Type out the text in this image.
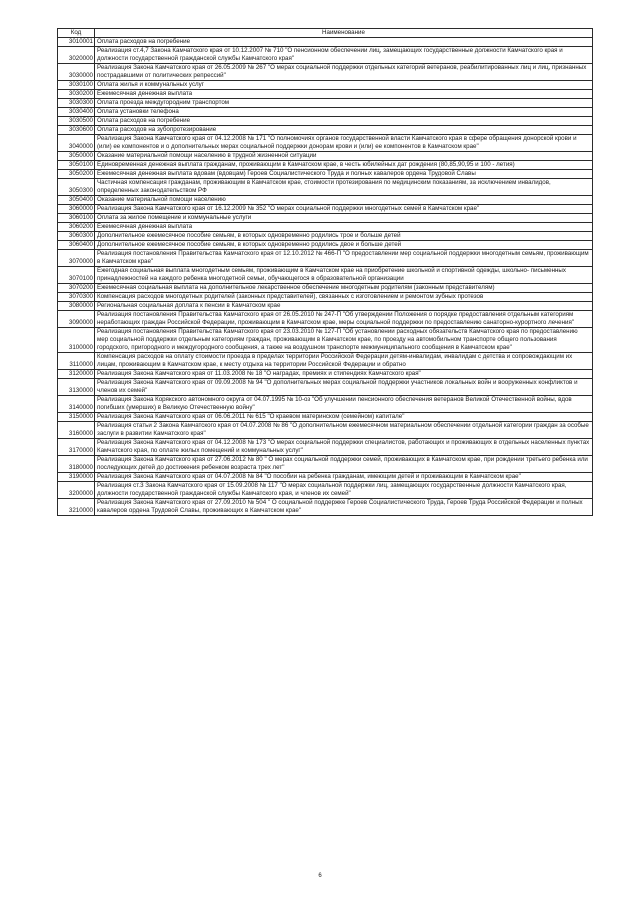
Код	Наименование
3010001	Оплата расходов на погребение
3020000	Реализация ст.4,7 Закона Камчатского края от 10.12.2007 № 710 "О пенсионном обеспечении лиц, замещающих государственные должности Камчатского края и должности государственной гражданской службы Камчатского края"
3030000	Реализация Закона Камчатского края от 26.05.2009 № 267 "О мерах социальной поддержки отдельных категорий ветеранов, реабилитированных лиц и лиц, признанных пострадавшими от политических репрессий"
3030100	Оплата жилья и коммунальных услуг
3030200	Ежемесячная денежная выплата
3030300	Оплата проезда междугородним транспортом
3030400	Оплата установки телефона
3030500	Оплата расходов на погребение
3030600	Оплата расходов на зубопротезирование
3040000	Реализация Закона Камчатского края от 04.12.2008 № 171 "О полномочиях органов государственной власти Камчатского края в сфере обращения донорской крови и (или) ее компонентов и о дополнительных мерах социальной поддержки донорам крови и (или) ее компонентов в Камчатском крае"
3050000	Оказание материальной помощи населению в трудной жизненной ситуации
3050100	Единовременная денежная выплата гражданам, проживающим в Камчатском крае, в честь юбилейных дат рождения (80,85,90,95 и 100 - летия)
3050200	Ежемесячная денежная выплата вдовам (вдовцам) Героев Социалистического Труда и полных кавалеров ордена Трудовой Славы
3050300	Частичная компенсация гражданам, проживающим в Камчатском крае, стоимости протезирования по медицинским показаниям, за исключением инвалидов, определенных законодательством РФ
3050400	Оказание материальной помощи населению
3060000	Реализация Закона Камчатского края от 16.12.2009 № 352 "О мерах социальной поддержки многодетных семей в Камчатском крае"
3060100	Оплата за жилое помещение и коммунальные услуги
3060200	Ежемесячная денежная выплата
3060300	Дополнительное ежемесячное пособие семьям, в которых одновременно родились трое и больше детей
3060400	Дополнительное ежемесячное пособие семьям, в которых одновременно родились двое и больше детей
3070000	Реализация постановления Правительства Камчатского края от 12.10.2012 № 466-П "О предоставлении мер социальной поддержки многодетным семьям, проживающим в Камчатском крае"
3070100	Ежегодная социальная выплата многодетным семьям, проживающим в Камчатском крае на приобретение школьной и спортивной одежды, школьно- письменных принадлежностей на каждого ребенка многодетной семьи, обучающегося в образовательной организации
3070200	Ежемесячная социальная выплата на дополнительное лекарственное обеспечение многодетным родителям (законным представителям)
3070300	Компенсация расходов многодетных родителей (законных представителей), связанных с изготовлением и ремонтом зубных протезов
3080000	Региональная социальная доплата к пенсии в Камчатском крае
3090000	Реализация постановления Правительства Камчатского края от 26.05.2010 № 247-П "Об утверждении Положения о порядке предоставления отдельным категориям неработающих граждан Российской Федерации, проживающим в Камчатском крае, меры социальной поддержки по предоставлению санаторно-курортного лечения"
3100000	Реализация постановления Правительства Камчатского края от 23.03.2010 № 127-П "Об установлении расходных обязательств Камчатского края по предоставлению мер социальной поддержки отдельным категориям граждан, проживающим в Камчатском крае, по проезду на автомобильном транспорте общего пользования городского, пригородного и междугородного сообщения, а также на воздушном транспорте межмуниципального сообщения в Камчатском крае"
3110000	Компенсация расходов на оплату стоимости проезда в пределах территории Российской Федерации детям-инвалидам, инвалидам с детства и сопровождающим их лицам, проживающим в Камчатском крае, к месту отдыха на территории Российской Федерации и обратно
3120000	Реализация Закона Камчатского края от 11.03.2008 № 18 "О наградах, премиях и стипендиях Камчатского края"
3130000	Реализация Закона Камчатского края от 09.09.2008 № 94 "О дополнительных мерах социальной поддержки участников локальных войн и вооруженных конфликтов и членов их семей"
3140000	Реализация Закона Корякского автономного округа от 04.07.1995 № 10-оз "Об улучшении пенсионного обеспечения ветеранов Великой Отечественной войны, вдов погибших (умерших) в Великую Отечественную войну"
3150000	Реализация Закона Камчатского края от 06.06.2011 № 615 "О краевом материнском (семейном) капитале"
3160000	Реализация статьи 2 Закона Камчатского края от 04.07.2008 № 86 "О дополнительном ежемесячном материальном обеспечении отдельной категории граждан за особые заслуги в развитии Камчатского края"
3170000	Реализация Закона Камчатского края от 04.12.2008 № 173 "О мерах социальной поддержки специалистов, работающих и проживающих в отдельных населенных пунктах Камчатского края, по оплате жилых помещений и коммунальных услуг"
3180000	Реализация Закона Камчатского края от 27.06.2012 № 80 " О мерах социальной поддержки семей, проживающих в Камчатском крае, при рождении третьего ребенка или последующих детей до достижения ребенком возраста трех лет"
3190000	Реализация Закона Камчатского края от 04.07.2008 № 84 "О пособии на ребенка гражданам, имеющим детей и проживающим в Камчатском крае"
3200000	Реализация ст.3 Закона Камчатского края от 15.09.2008 № 117 "О мерах социальной поддержки лиц, замещающих государственные должности Камчатского края, должности государственной гражданской службы Камчатского края, и членов их семей"
3210000	Реализация Закона Камчатского края от 27.09.2010 № 504 " О социальной поддержке Героев Социалистического Труда, Героев Труда Российской Федерации и полных кавалеров ордена Трудовой Славы, проживающих в Камчатском крае"
6
